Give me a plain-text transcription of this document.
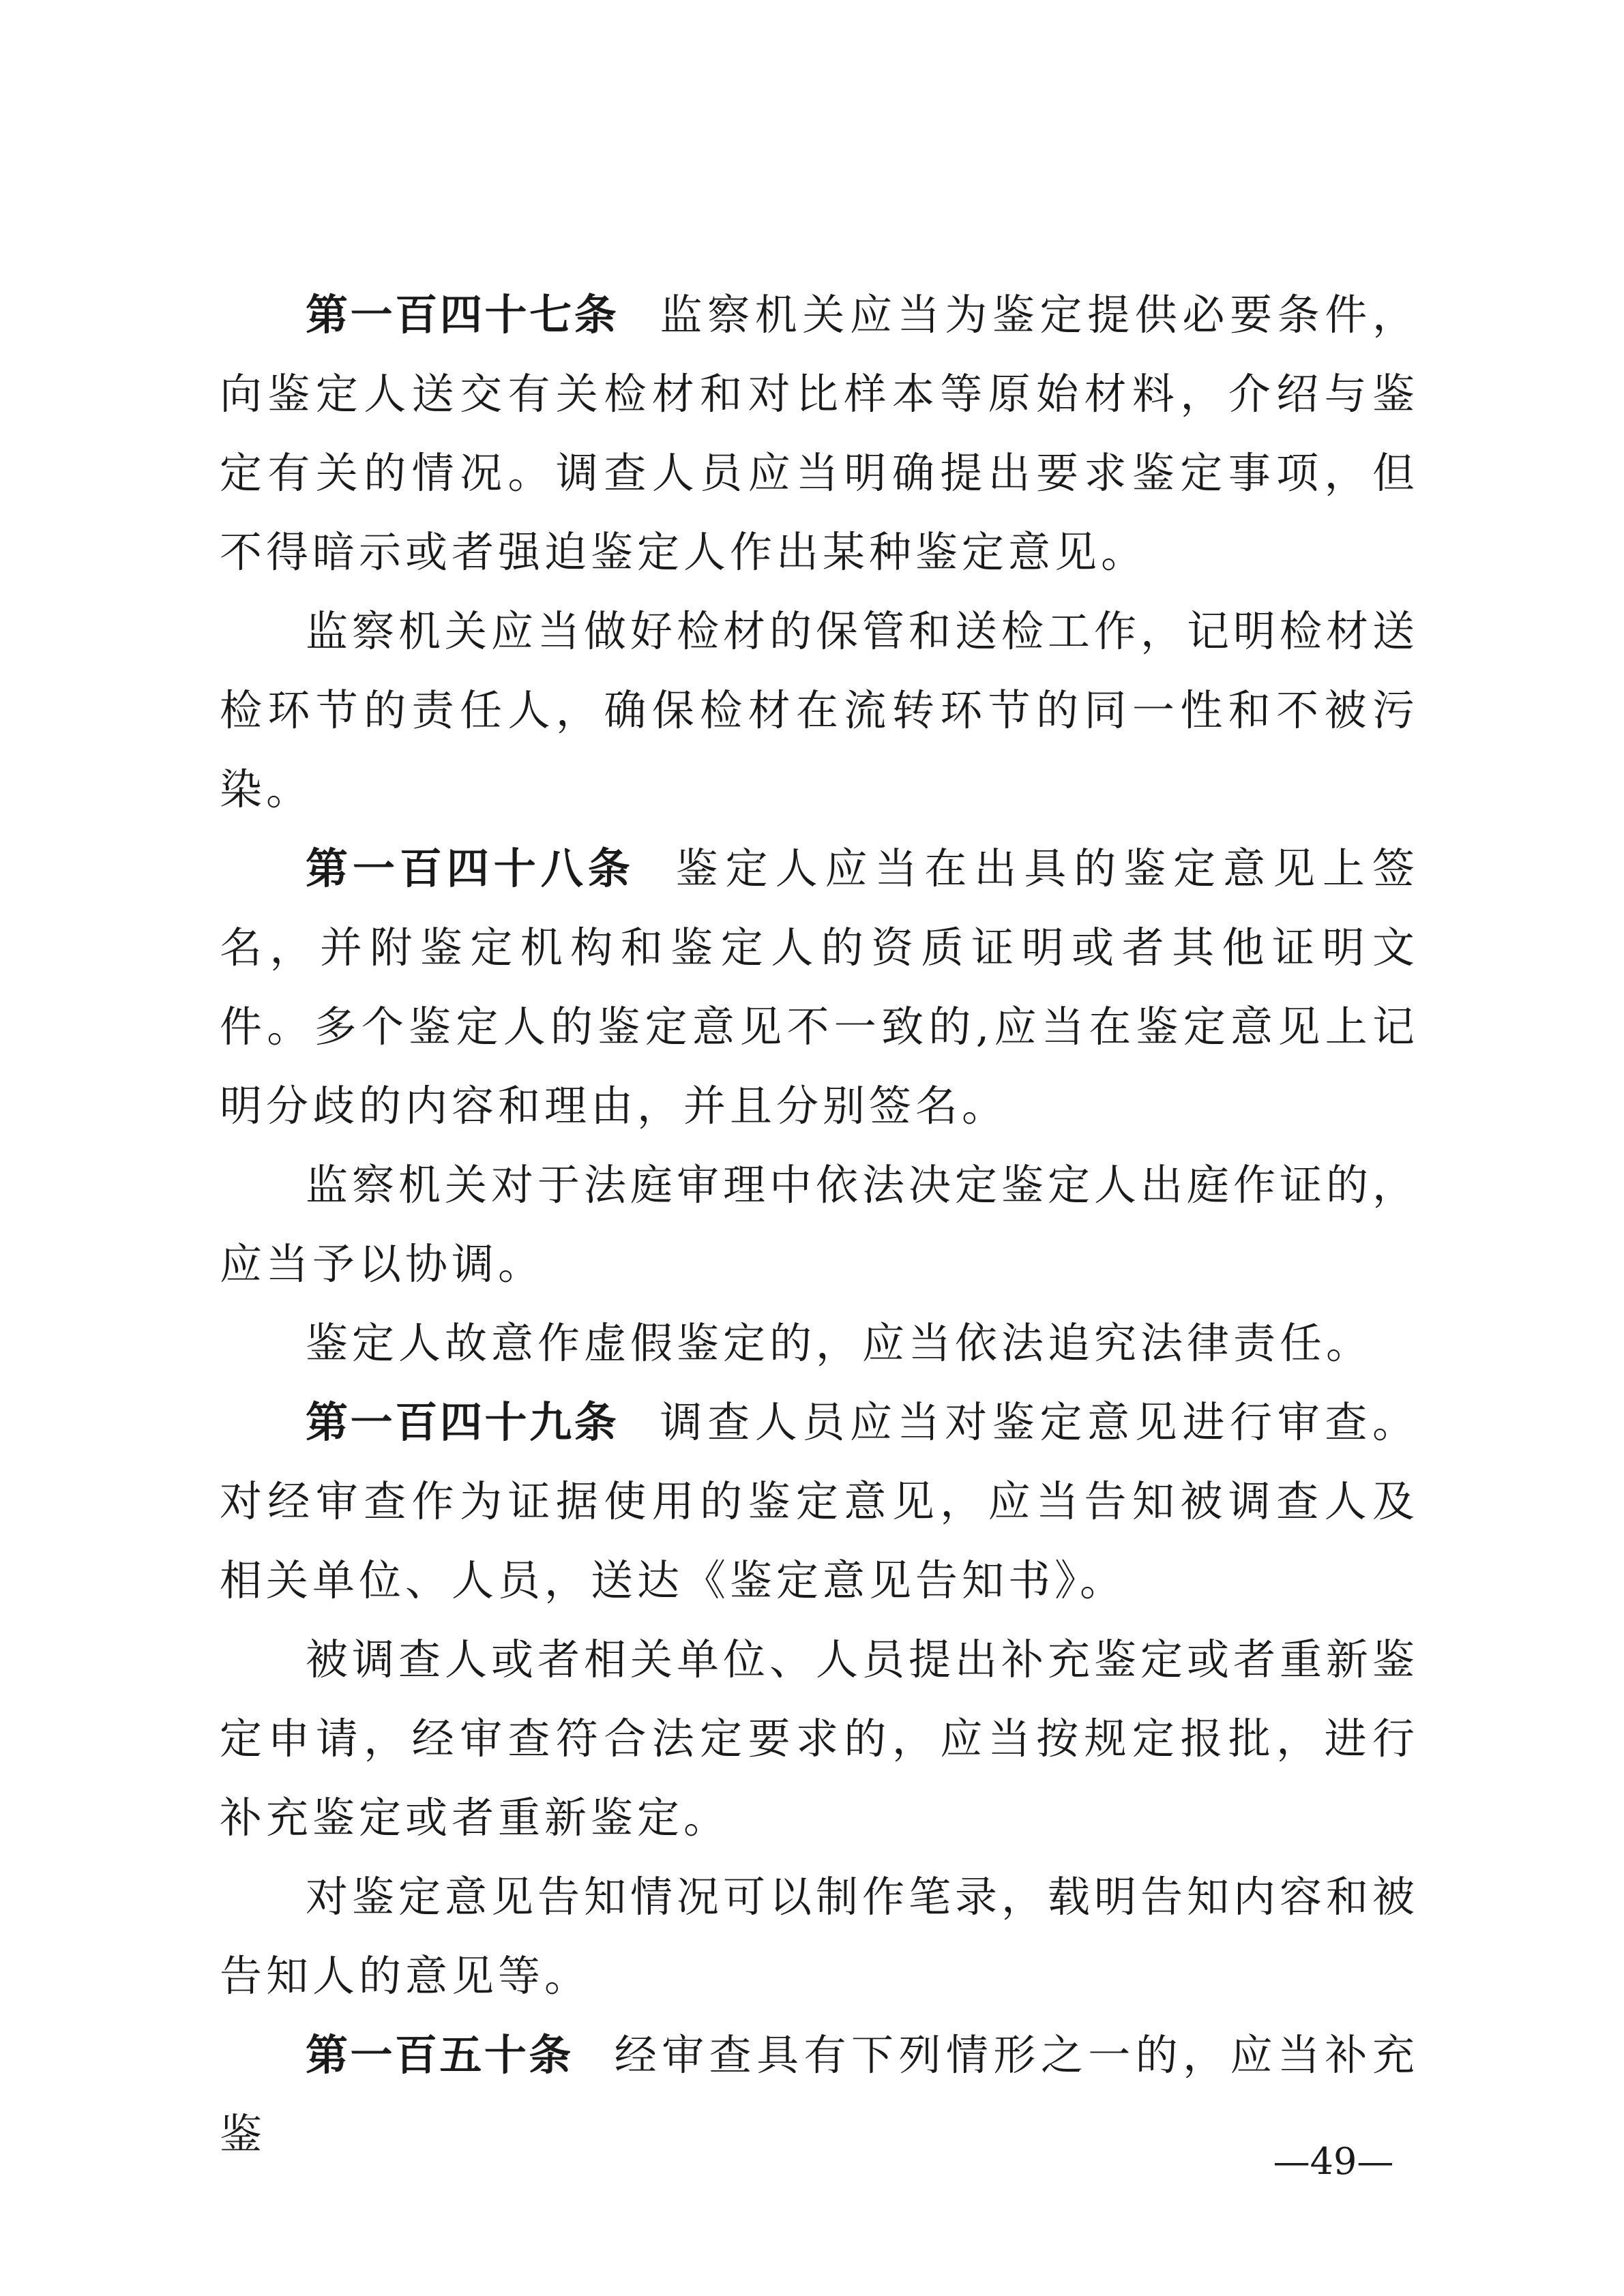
第一百四十七条 监察机关应当为鉴定提供必要条件，向鉴定人送交有关检材和对比样本等原始材料，介绍与鉴定有关的情况。调查人员应当明确提出要求鉴定事项，但不得暗示或者强迫鉴定人作出某种鉴定意见。

监察机关应当做好检材的保管和送检工作，记明检材送检环节的责任人，确保检材在流转环节的同一性和不被污染。

第一百四十八条 鉴定人应当在出具的鉴定意见上签名，并附鉴定机构和鉴定人的资质证明或者其他证明文件。多个鉴定人的鉴定意见不一致的,应当在鉴定意见上记明分歧的内容和理由，并且分别签名。

监察机关对于法庭审理中依法决定鉴定人出庭作证的，应当予以协调。

鉴定人故意作虚假鉴定的，应当依法追究法律责任。

第一百四十九条 调查人员应当对鉴定意见进行审查。对经审查作为证据使用的鉴定意见，应当告知被调查人及相关单位、人员，送达《鉴定意见告知书》。

被调查人或者相关单位、人员提出补充鉴定或者重新鉴定申请，经审查符合法定要求的，应当按规定报批，进行补充鉴定或者重新鉴定。

对鉴定意见告知情况可以制作笔录，载明告知内容和被告知人的意见等。

第一百五十条 经审查具有下列情形之一的，应当补充鉴

—49—
